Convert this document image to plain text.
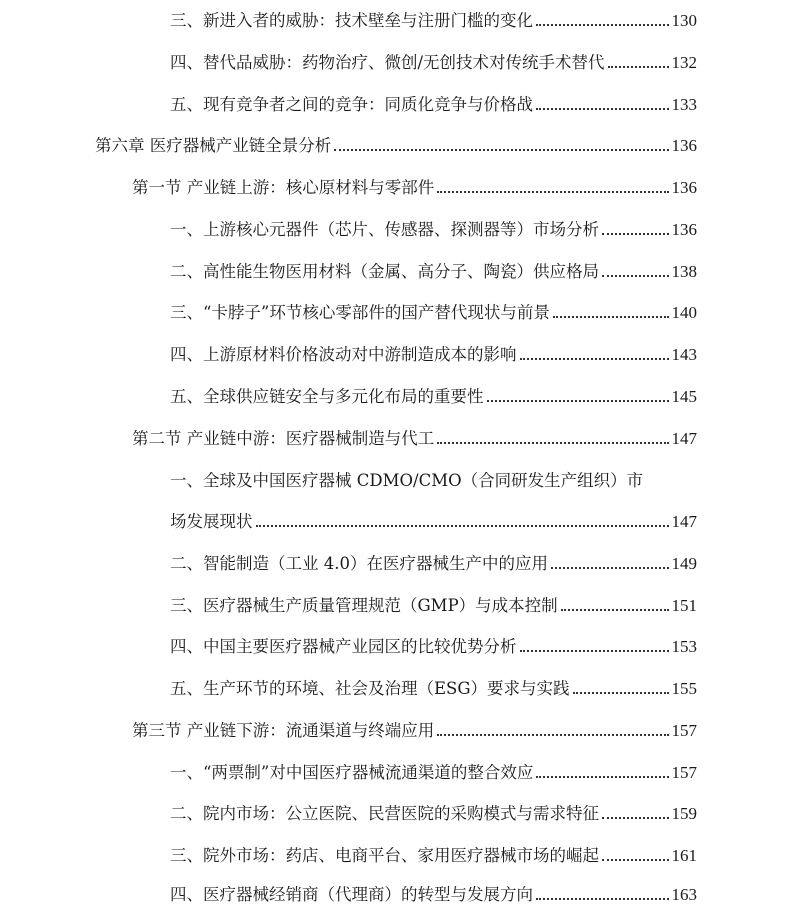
三、新进入者的威胁：技术壁垒与注册门槛的变化	130
四、替代品威胁：药物治疗、微创/无创技术对传统手术替代	132
五、现有竞争者之间的竞争：同质化竞争与价格战	133
第六章 医疗器械产业链全景分析	136
第一节 产业链上游：核心原材料与零部件	136
一、上游核心元器件（芯片、传感器、探测器等）市场分析	136
二、高性能生物医用材料（金属、高分子、陶瓷）供应格局	138
三、“卡脖子”环节核心零部件的国产替代现状与前景	140
四、上游原材料价格波动对中游制造成本的影响	143
五、全球供应链安全与多元化布局的重要性	145
第二节 产业链中游：医疗器械制造与代工	147
一、全球及中国医疗器械 CDMO/CMO（合同研发生产组织）市
场发展现状	147
二、智能制造（工业 4.0）在医疗器械生产中的应用	149
三、医疗器械生产质量管理规范（GMP）与成本控制	151
四、中国主要医疗器械产业园区的比较优势分析	153
五、生产环节的环境、社会及治理（ESG）要求与实践	155
第三节 产业链下游：流通渠道与终端应用	157
一、“两票制”对中国医疗器械流通渠道的整合效应	157
二、院内市场：公立医院、民营医院的采购模式与需求特征	159
三、院外市场：药店、电商平台、家用医疗器械市场的崛起	161
四、医疗器械经销商（代理商）的转型与发展方向	163
